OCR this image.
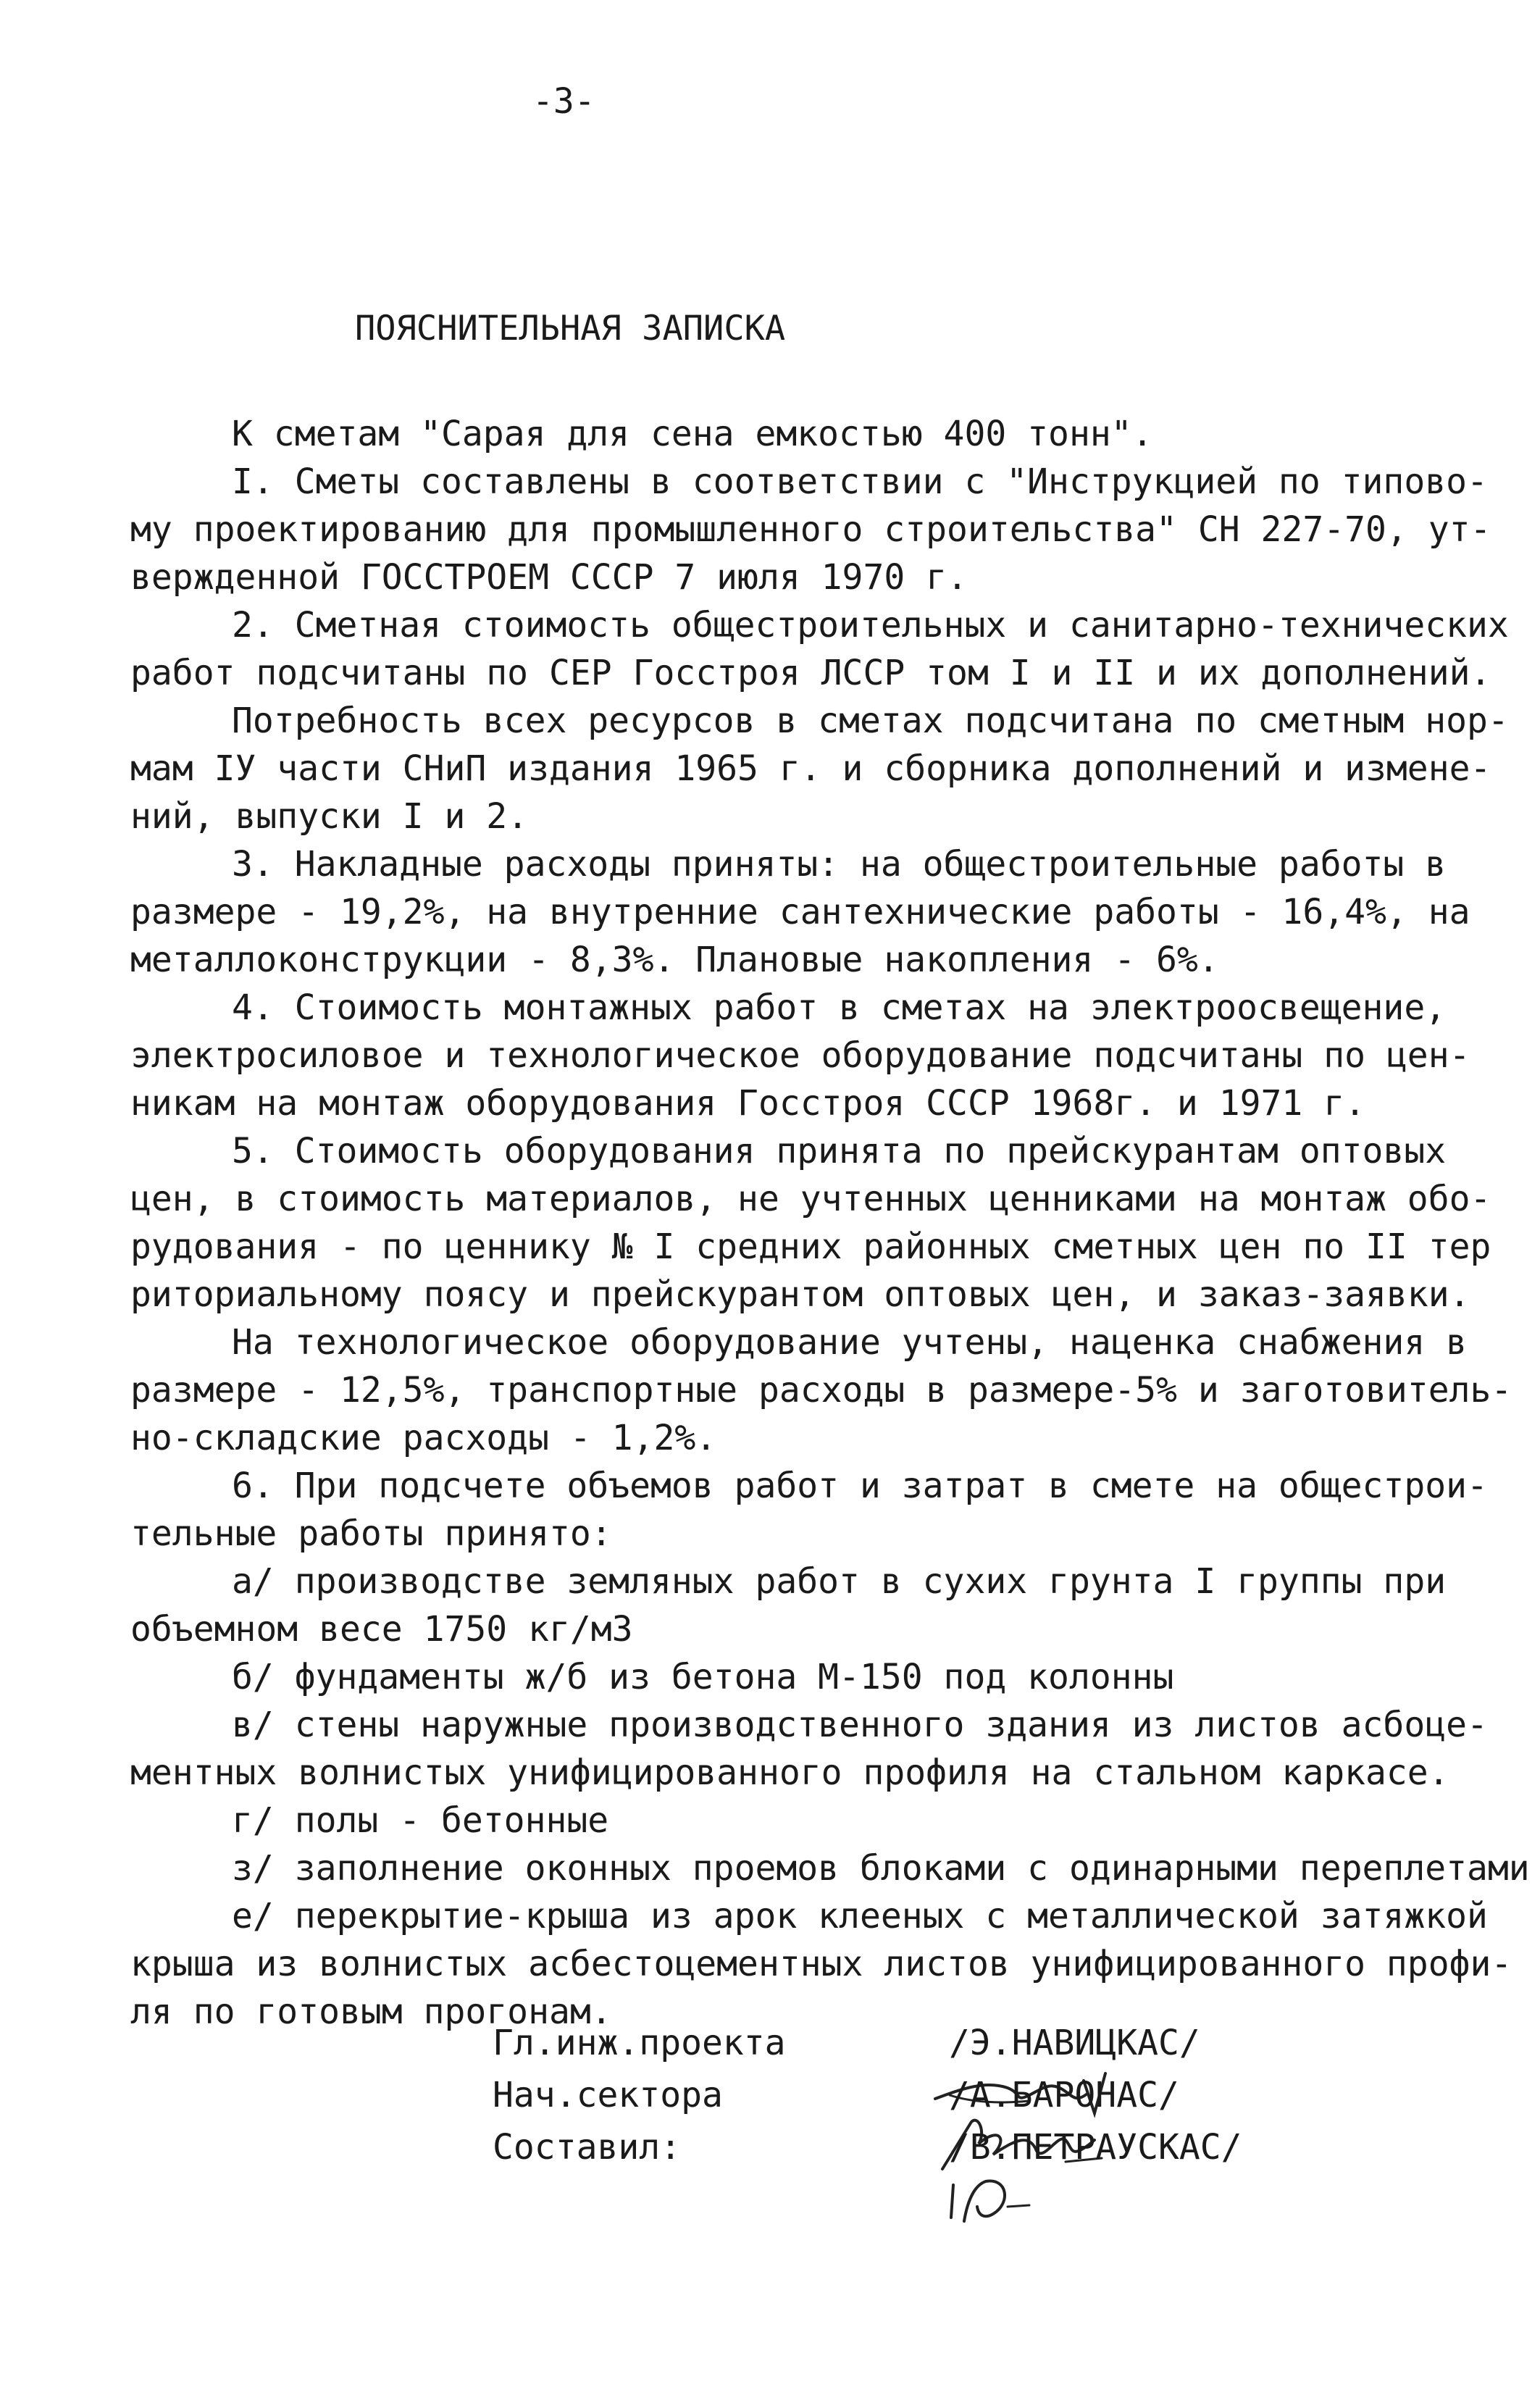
-3-
ПОЯСНИТЕЛЬНАЯ ЗАПИСКА
К сметам "Сарая для сена емкостью 400 тонн".
I. Сметы составлены в соответствии с "Инструкцией по типово-
му проектированию для промышленного строительства" СН 227-70, ут-
вержденной ГОССТРОЕМ СССР 7 июля 1970 г.
2. Сметная стоимость общестроительных и санитарно-технических
работ подсчитаны по СЕР Госстроя ЛССР том I и II и их дополнений.
Потребность всех ресурсов в сметах подсчитана по сметным нор-
мам IУ части СНиП издания 1965 г. и сборника дополнений и измене-
ний, выпуски I и 2.
3. Накладные расходы приняты: на общестроительные работы в
размере - 19,2%, на внутренние сантехнические работы - 16,4%, на
металлоконструкции - 8,3%. Плановые накопления - 6%.
4. Стоимость монтажных работ в сметах на электроосвещение,
электросиловое и технологическое оборудование подсчитаны по цен-
никам на монтаж оборудования Госстроя СССР 1968г. и 1971 г.
5. Стоимость оборудования принята по прейскурантам оптовых
цен, в стоимость материалов, не учтенных ценниками на монтаж обо-
рудования - по ценнику № I средних районных сметных цен по II тер
риториальному поясу и прейскурантом оптовых цен, и заказ-заявки.
На технологическое оборудование учтены, наценка снабжения в
размере - 12,5%, транспортные расходы в размере-5% и заготовитель-
но-складские расходы - 1,2%.
6. При подсчете объемов работ и затрат в смете на общестрои-
тельные работы принято:
а/ производстве земляных работ в сухих грунта I группы при
объемном весе 1750 кг/м3
б/ фундаменты ж/б из бетона М-150 под колонны
в/ стены наружные производственного здания из листов асбоце-
ментных волнистых унифицированного профиля на стальном каркасе.
г/ полы - бетонные
з/ заполнение оконных проемов блоками с одинарными переплетами
е/ перекрытие-крыша из арок клееных с металлической затяжкой
крыша из волнистых асбестоцементных листов унифицированного профи-
ля по готовым прогонам.

Гл.инж.проекта

	/Э.НАВИЦКАС/

Нач.сектора

	/А.БАРОНАС/

Составил:

	/В.ПЕТРАУСКАС/
